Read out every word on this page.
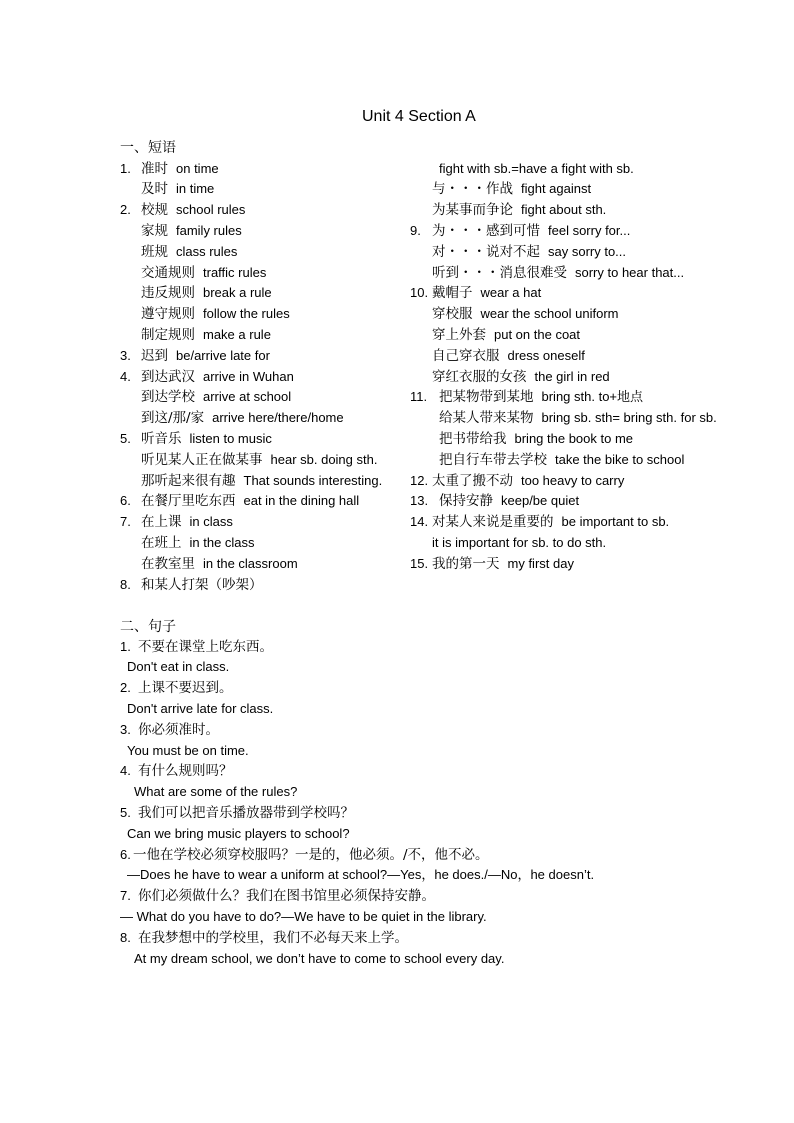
Unit 4 Section A
一、短语
1. 准时 on time
及时 in time
2. 校规 school rules
家规 family rules
班规 class rules
交通规则 traffic rules
违反规则 break a rule
遵守规则 follow the rules
制定规则 make a rule
3. 迟到 be/arrive late for
4. 到达武汉 arrive in Wuhan
到达学校 arrive at school
到这/那/家 arrive here/there/home
5. 听音乐 listen to music
听见某人正在做某事 hear sb. doing sth.
那听起来很有趣 That sounds interesting.
6. 在餐厅里吃东西 eat in the dining hall
7. 在上课 in class
在班上 in the class
在教室里 in the classroom
8. 和某人打架（吵架）
fight with sb.=have a fight with sb.
与・・・作战 fight against
为某事而争论 fight about sth.
9. 为・・・感到可惜 feel sorry for...
对・・・说对不起 say sorry to...
听到・・・消息很难受 sorry to hear that...
10. 戴帽子 wear a hat
穿校服 wear the school uniform
穿上外套 put on the coat
自己穿衣服 dress oneself
穿红衣服的女孩 the girl in red
11. 把某物带到某地 bring sth. to+地点
给某人带来某物 bring sb. sth= bring sth. for sb.
把书带给我 bring the book to me
把自行车带去学校 take the bike to school
12. 太重了搬不动 too heavy to carry
13. 保持安静 keep/be quiet
14. 对某人来说是重要的 be important to sb.
it is important for sb. to do sth.
15. 我的第一天 my first day
二、句子
1. 不要在课堂上吃东西。
Don't eat in class.
2. 上课不要迟到。
Don't arrive late for class.
3. 你必须准时。
You must be on time.
4. 有什么规则吗？
What are some of the rules?
5. 我们可以把音乐播放器带到学校吗？
Can we bring music players to school?
6. 一他在学校必须穿校服吗？一是的，他必须。/不，他不必。
—Does he have to wear a uniform at school?—Yes，he does./—No，he doesn’t.
7. 你们必须做什么？我们在图书馆里必须保持安静。
— What do you have to do?—We have to be quiet in the library.
8. 在我梦想中的学校里，我们不必每天来上学。
At my dream school, we don’t have to come to school every day.
